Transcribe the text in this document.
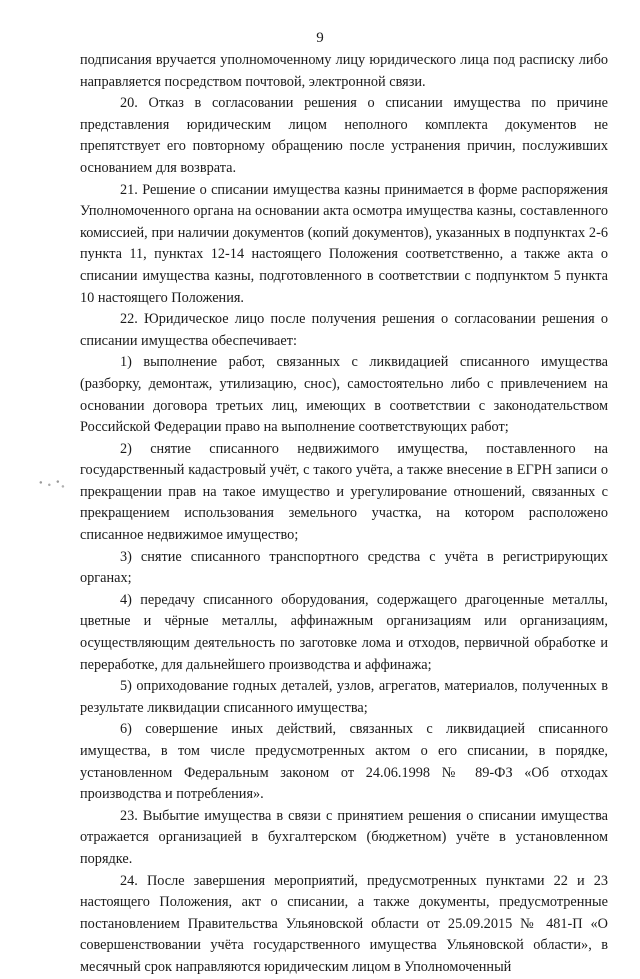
9

подписания вручается уполномоченному лицу юридического лица под расписку либо направляется посредством почтовой, электронной связи.

20. Отказ в согласовании решения о списании имущества по причине представления юридическим лицом неполного комплекта документов не препятствует его повторному обращению после устранения причин, послуживших основанием для возврата.

21. Решение о списании имущества казны принимается в форме распоряжения Уполномоченного органа на основании акта осмотра имущества казны, составленного комиссией, при наличии документов (копий документов), указанных в подпунктах 2-6 пункта 11, пунктах 12-14 настоящего Положения соответственно, а также акта о списании имущества казны, подготовленного в соответствии с подпунктом 5 пункта 10 настоящего Положения.

22. Юридическое лицо после получения решения о согласовании решения о списании имущества обеспечивает:

1) выполнение работ, связанных с ликвидацией списанного имущества (разборку, демонтаж, утилизацию, снос), самостоятельно либо с привлечением на основании договора третьих лиц, имеющих в соответствии с законодательством Российской Федерации право на выполнение соответствующих работ;

2) снятие списанного недвижимого имущества, поставленного на государственный кадастровый учёт, с такого учёта, а также внесение в ЕГРН записи о прекращении прав на такое имущество и урегулирование отношений, связанных с прекращением использования земельного участка, на котором расположено списанное недвижимое имущество;

3) снятие списанного транспортного средства с учёта в регистрирующих органах;

4) передачу списанного оборудования, содержащего драгоценные металлы, цветные и чёрные металлы, аффинажным организациям или организациям, осуществляющим деятельность по заготовке лома и отходов, первичной обработке и переработке, для дальнейшего производства и аффинажа;

5) оприходование годных деталей, узлов, агрегатов, материалов, полученных в результате ликвидации списанного имущества;

6) совершение иных действий, связанных с ликвидацией списанного имущества, в том числе предусмотренных актом о его списании, в порядке, установленном Федеральным законом от 24.06.1998 № 89-ФЗ «Об отходах производства и потребления».

23. Выбытие имущества в связи с принятием решения о списании имущества отражается организацией в бухгалтерском (бюджетном) учёте в установленном порядке.

24. После завершения мероприятий, предусмотренных пунктами 22 и 23 настоящего Положения, акт о списании, а также документы, предусмотренные постановлением Правительства Ульяновской области от 25.09.2015 № 481-П «О совершенствовании учёта государственного имущества Ульяновской области», в месячный срок направляются юридическим лицом в Уполномоченный
